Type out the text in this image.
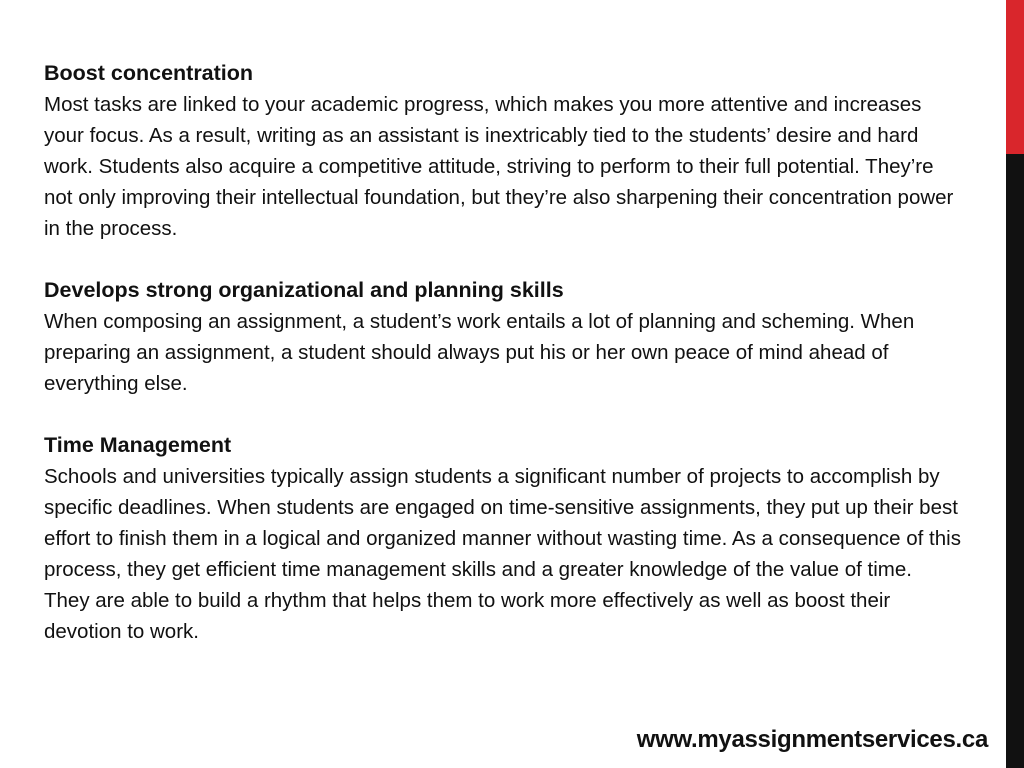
Boost concentration
Most tasks are linked to your academic progress, which makes you more attentive and increases your focus. As a result, writing as an assistant is inextricably tied to the students’ desire and hard work. Students also acquire a competitive attitude, striving to perform to their full potential. They’re not only improving their intellectual foundation, but they’re also sharpening their concentration power in the process.
Develops strong organizational and planning skills
When composing an assignment, a student’s work entails a lot of planning and scheming. When preparing an assignment, a student should always put his or her own peace of mind ahead of everything else.
Time Management
Schools and universities typically assign students a significant number of projects to accomplish by specific deadlines. When students are engaged on time-sensitive assignments, they put up their best effort to finish them in a logical and organized manner without wasting time. As a consequence of this process, they get efficient time management skills and a greater knowledge of the value of time. They are able to build a rhythm that helps them to work more effectively as well as boost their devotion to work.
www.myassignmentservices.ca
